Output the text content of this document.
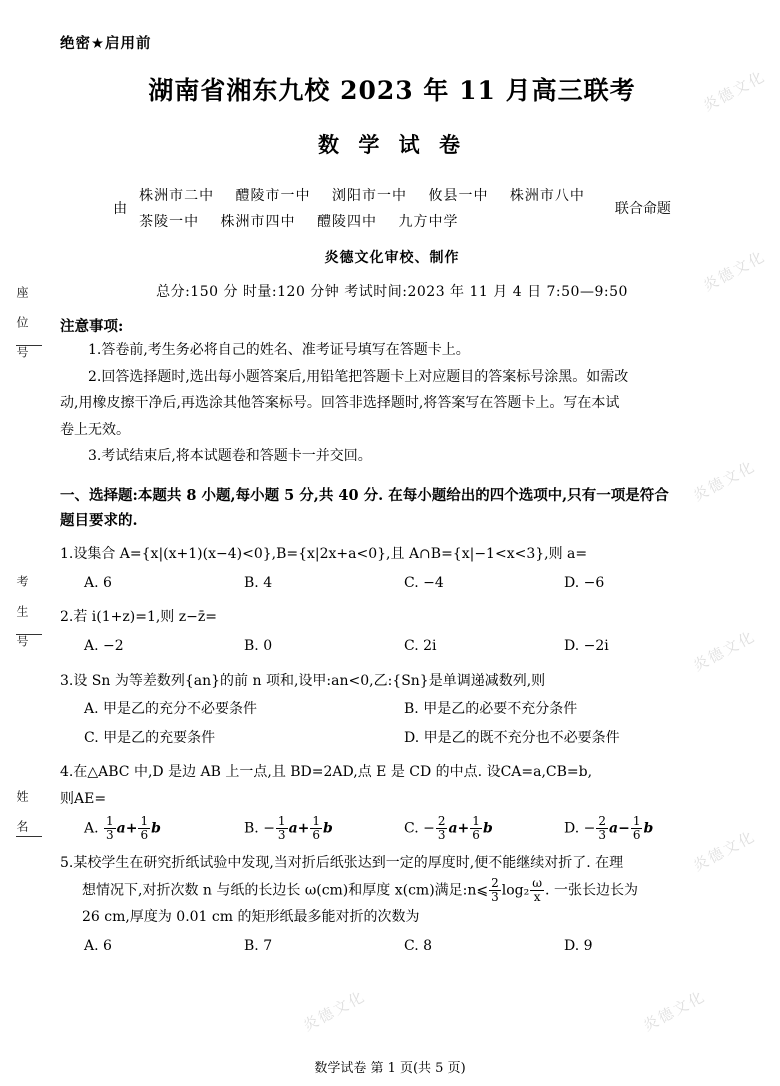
座 位 号
考 生 号
姓 名
炎德文化
炎德文化
炎德文化
炎德文化
炎德文化
炎德文化
炎德文化
绝密★启用前
湖南省湘东九校 2023 年 11 月高三联考
数 学 试 卷
由
株洲市二中 醴陵市一中 浏阳市一中 攸县一中 株洲市八中
茶陵一中 株洲市四中 醴陵四中 九方中学
联合命题
炎德文化审校、制作
总分:150 分 时量:120 分钟 考试时间:2023 年 11 月 4 日 7:50—9:50
注意事项:
1.答卷前,考生务必将自己的姓名、准考证号填写在答题卡上。
2.回答选择题时,选出每小题答案后,用铅笔把答题卡上对应题目的答案标号涂黑。如需改
动,用橡皮擦干净后,再选涂其他答案标号。回答非选择题时,将答案写在答题卡上。写在本试
卷上无效。
3.考试结束后,将本试题卷和答题卡一并交回。
一、选择题:本题共 8 小题,每小题 5 分,共 40 分. 在每小题给出的四个选项中,只有一项是符合
题目要求的.
1.设集合 A={x|(x+1)(x−4)<0},B={x|2x+a<0},且 A∩B={x|−1<x<3},则 a=
A. 6	B. 4	C. −4	D. −6
2.若 i(1+z)=1,则 z−z̄=
A. −2	B. 0	C. 2i	D. −2i
3.设 Sn 为等差数列{an}的前 n 项和,设甲:an<0,乙:{Sn}是单调递减数列,则
A. 甲是乙的充分不必要条件	B. 甲是乙的必要不充分条件
C. 甲是乙的充要条件	D. 甲是乙的既不充分也不必要条件
4.在△ABC 中,D 是边 AB 上一点,且 BD=2AD,点 E 是 CD 的中点. 设CA=a,CB=b,
则AE=
A. $\frac{1}{3} a+ \frac{1}{6}$ b	B. − $\frac{1}{3} a+ \frac{1}{6}$ b	C. − $\frac{2}{3} a+ \frac{1}{6}$ b	D. − $\frac{2}{3} a- \frac{1}{6}$ b
5.某校学生在研究折纸试验中发现,当对折后纸张达到一定的厚度时,便不能继续对折了. 在理
想情况下,对折次数 n 与纸的长边长 ω(cm)和厚度 x(cm)满足:n⩽ $\frac{2}{3} \log_2 \frac{\omega}{x}$ . 一张长边长为
26 cm,厚度为 0.01 cm 的矩形纸最多能对折的次数为
A. 6	B. 7	C. 8	D. 9
数学试卷 第 1 页(共 5 页)
